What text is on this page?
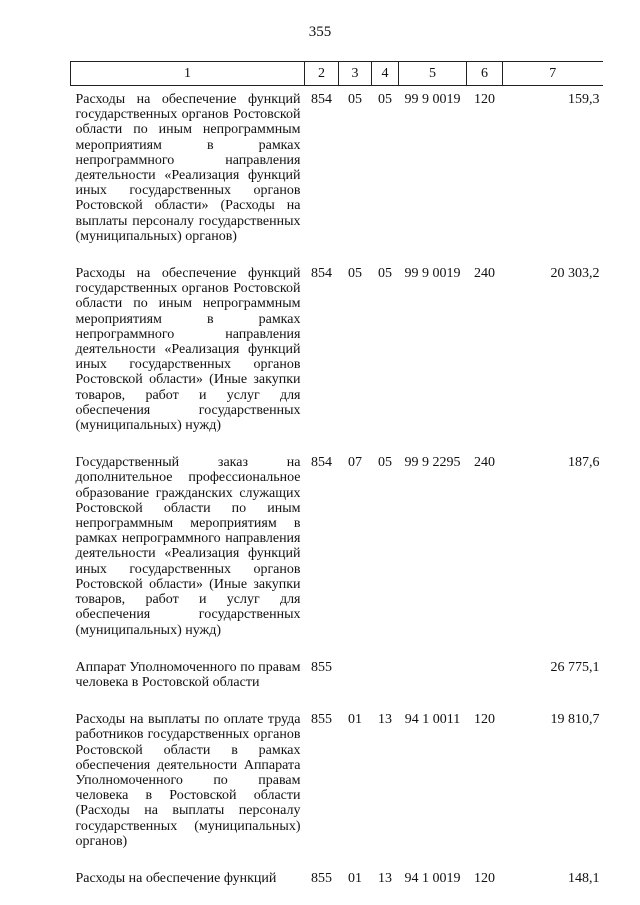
355
1	2	3	4	5	6	7
Расходы на обеспечение функций государственных органов Ростовской области по иным непрограммным мероприятиям в рамках непрограммного направления деятельности «Реализация функций иных государственных органов Ростовской области» (Расходы на выплаты персоналу государственных (муниципальных) органов)	854	05	05	99 9 0019	120	159,3
Расходы на обеспечение функций государственных органов Ростовской области по иным непрограммным мероприятиям в рамках непрограммного направления деятельности «Реализация функций иных государственных органов Ростовской области» (Иные закупки товаров, работ и услуг для обеспечения государственных (муниципальных) нужд)	854	05	05	99 9 0019	240	20 303,2
Государственный заказ на дополнительное профессиональное образование гражданских служащих Ростовской области по иным непрограммным мероприятиям в рамках непрограммного направления деятельности «Реализация функций иных государственных органов Ростовской области» (Иные закупки товаров, работ и услуг для обеспечения государственных (муниципальных) нужд)	854	07	05	99 9 2295	240	187,6
Аппарат Уполномоченного по правам человека в Ростовской области	855					26 775,1
Расходы на выплаты по оплате труда работников государственных органов Ростовской области в рамках обеспечения деятельности Аппарата Уполномоченного по правам человека в Ростовской области (Расходы на выплаты персоналу государственных (муниципальных) органов)	855	01	13	94 1 0011	120	19 810,7
Расходы на обеспечение функций	855	01	13	94 1 0019	120	148,1
